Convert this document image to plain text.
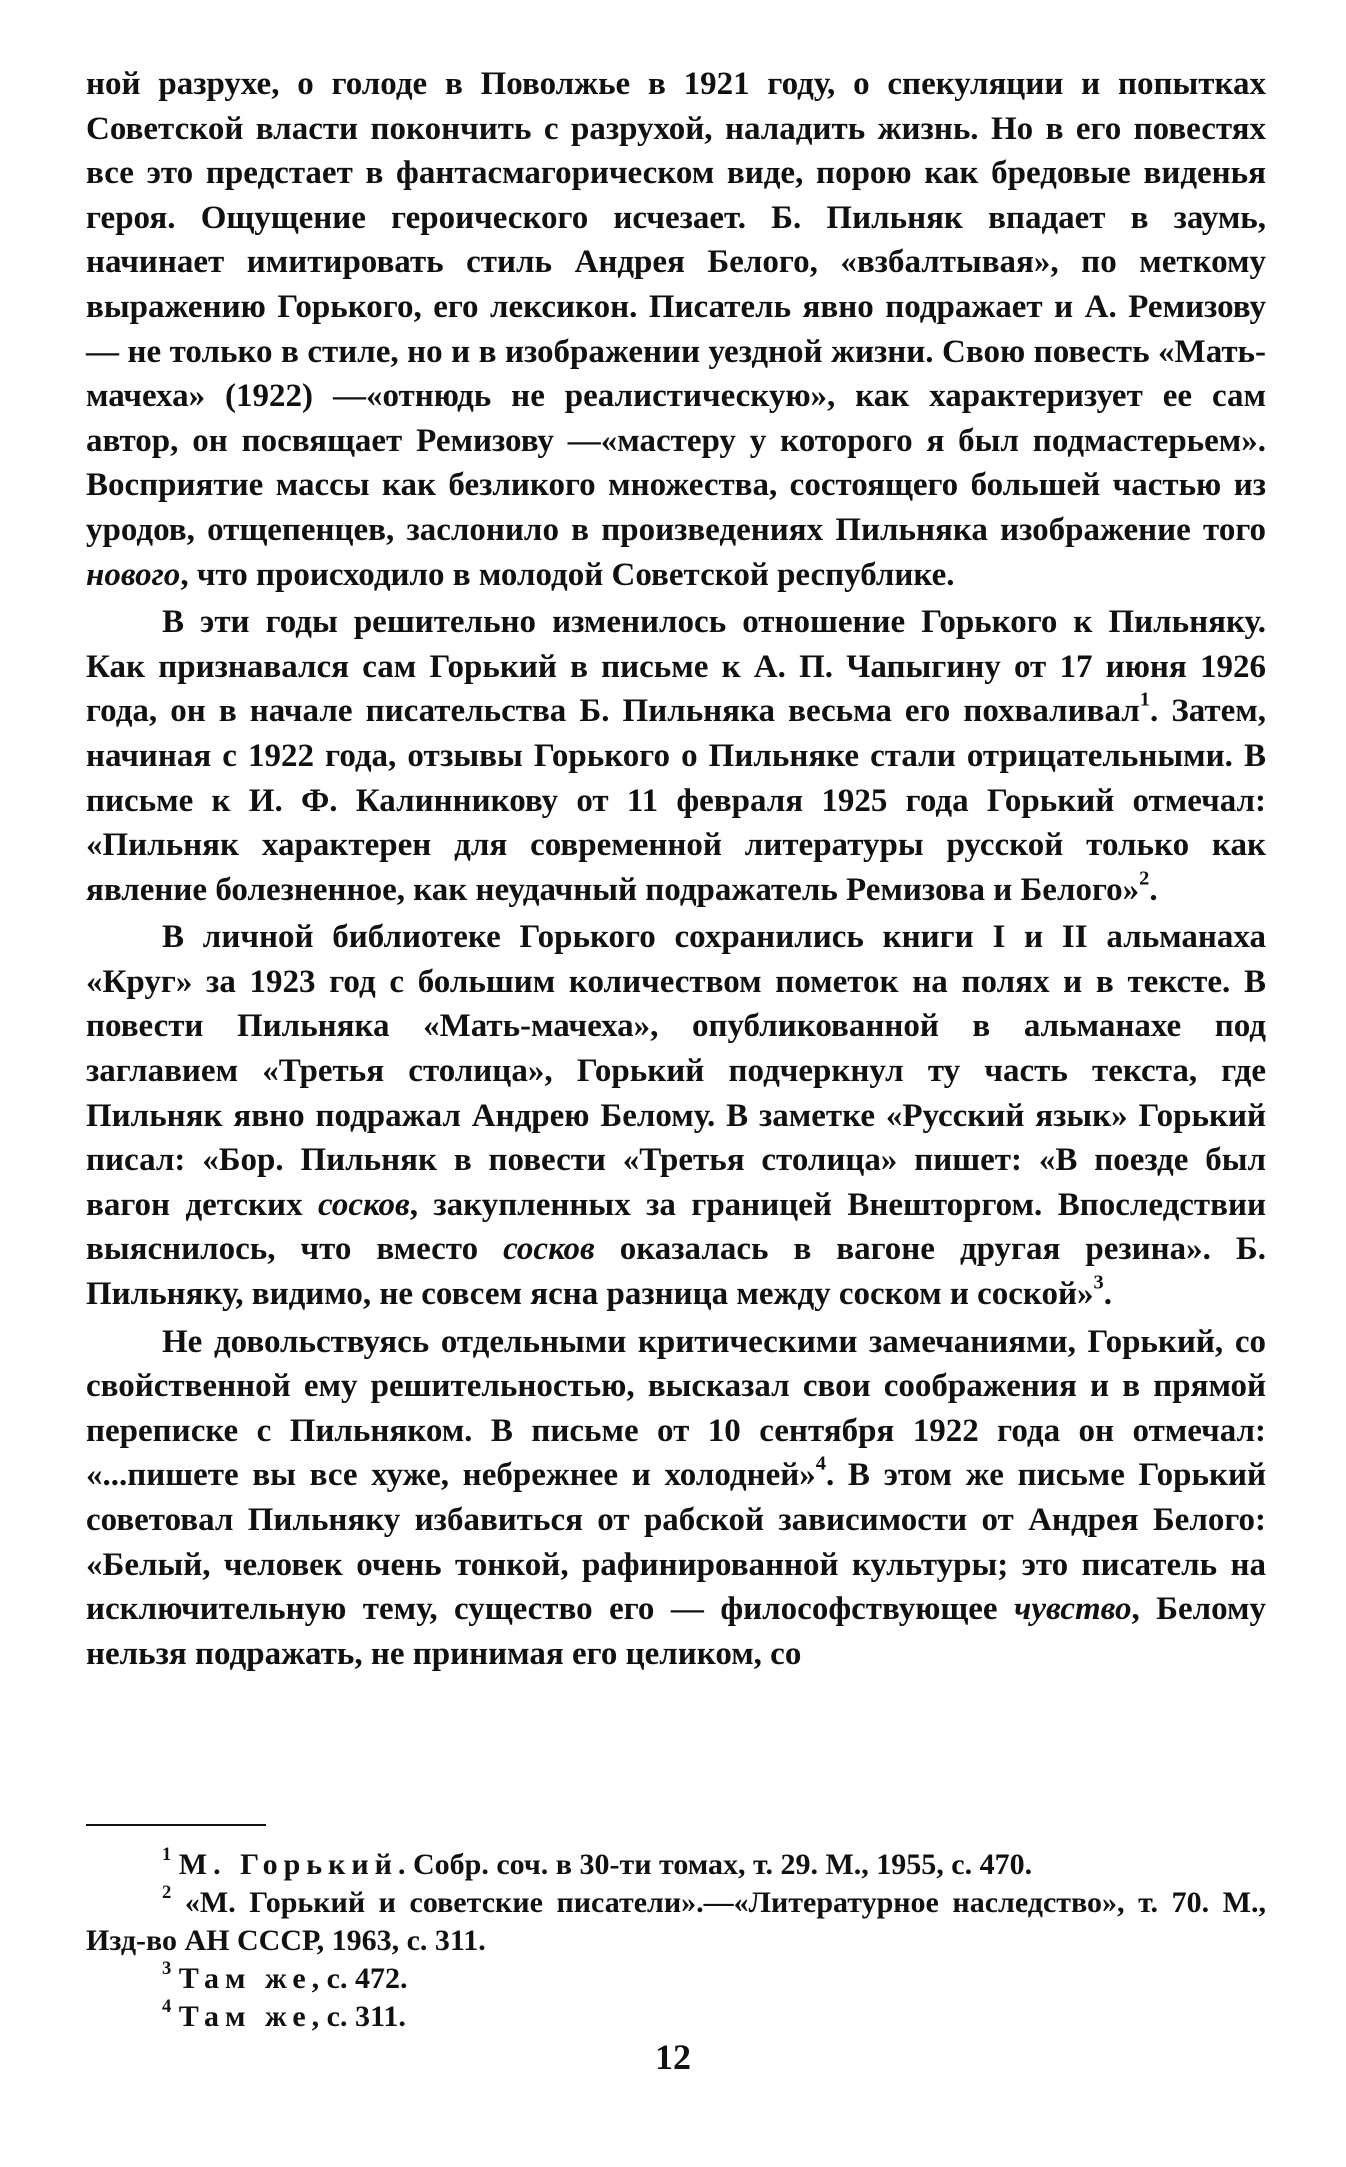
ной разрухе, о голоде в Поволжье в 1921 году, о спекуляции и попытках Советской власти покончить с разрухой, наладить жизнь. Но в его повестях все это предстает в фантасмагорическом виде, порою как бредовые виденья героя. Ощущение героического исчезает. Б. Пильняк впадает в заумь, начинает имитировать стиль Андрея Белого, «взбалтывая», по меткому выражению Горького, его лексикон. Писатель явно подражает и А. Ремизову — не только в стиле, но и в изображении уездной жизни. Свою повесть «Мать-мачеха» (1922) —«отнюдь не реалистическую», как характеризует ее сам автор, он посвящает Ремизову —«мастеру у которого я был подмастерьем». Восприятие массы как безликого множества, состоящего большей частью из уродов, отщепенцев, заслонило в произведениях Пильняка изображение того нового, что происходило в молодой Советской республике.

В эти годы решительно изменилось отношение Горького к Пильняку. Как признавался сам Горький в письме к А. П. Чапыгину от 17 июня 1926 года, он в начале писательства Б. Пильняка весьма его похваливал$^1$. Затем, начиная с 1922 года, отзывы Горького о Пильняке стали отрицательными. В письме к И. Ф. Калинникову от 11 февраля 1925 года Горький отмечал: «Пильняк характерен для современной литературы русской только как явление болезненное, как неудачный подражатель Ремизова и Белого»$^2$.

В личной библиотеке Горького сохранились книги I и II альманаха «Круг» за 1923 год с большим количеством пометок на полях и в тексте. В повести Пильняка «Мать-мачеха», опубликованной в альманахе под заглавием «Третья столица», Горький подчеркнул ту часть текста, где Пильняк явно подражал Андрею Белому. В заметке «Русский язык» Горький писал: «Бор. Пильняк в повести «Третья столица» пишет: «В поезде был вагон детских сосков, закупленных за границей Внешторгом. Впоследствии выяснилось, что вместо сосков оказалась в вагоне другая резина». Б. Пильняку, видимо, не совсем ясна разница между соском и соской»$^3$.

Не довольствуясь отдельными критическими замечаниями, Горький, со свойственной ему решительностью, высказал свои соображения и в прямой переписке с Пильняком. В письме от 10 сентября 1922 года он отмечал: «...пишете вы все хуже, небрежнее и холодней»$^4$. В этом же письме Горький советовал Пильняку избавиться от рабской зависимости от Андрея Белого: «Белый, человек очень тонкой, рафинированной культуры; это писатель на исключительную тему, существо его — философствующее чувство, Белому нельзя подражать, не принимая его целиком, со

$^1$ М. Горький. Собр. соч. в 30-ти томах, т. 29. М., 1955, с. 470.

$^2$ «М. Горький и советские писатели».—«Литературное наследство», т. 70. М., Изд-во АН СССР, 1963, с. 311.

$^3$ Там же, с. 472.

$^4$ Там же, с. 311.

12
